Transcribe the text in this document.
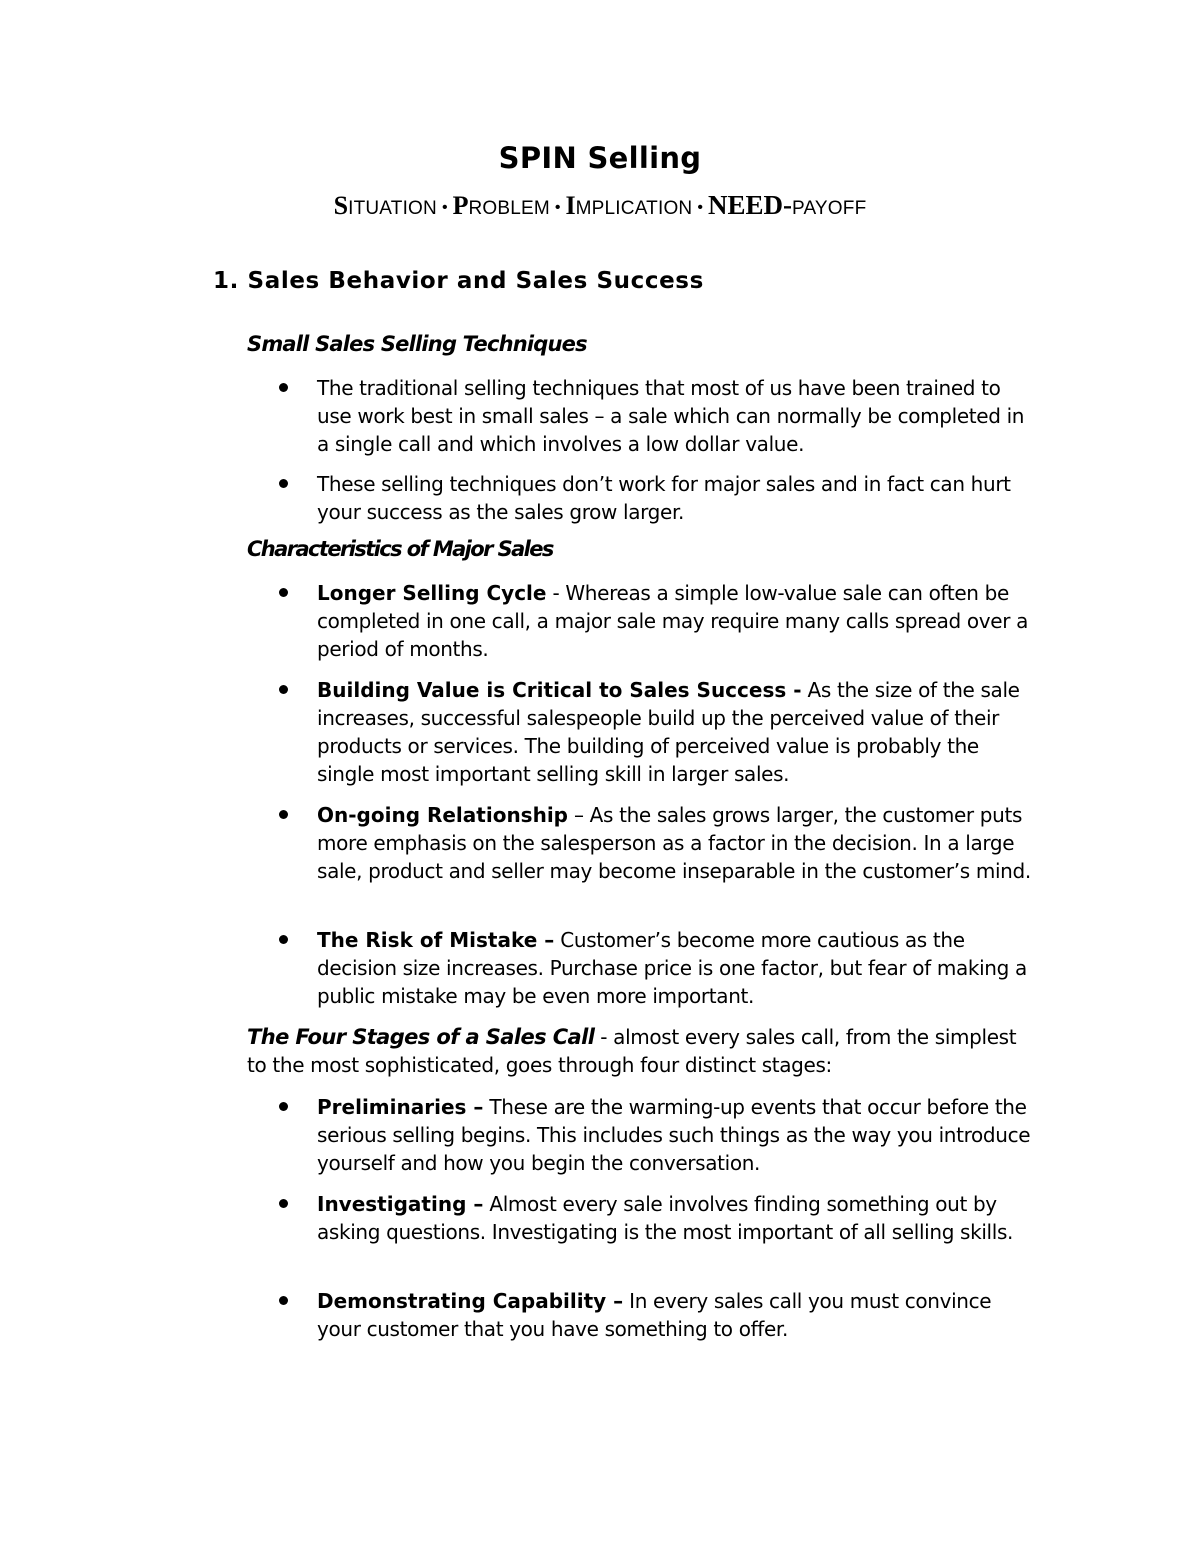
SPIN Selling
SITUATION • PROBLEM • IMPLICATION • NEED-PAYOFF
1. Sales Behavior and Sales Success
Small Sales Selling Techniques
The traditional selling techniques that most of us have been trained to use work best in small sales – a sale which can normally be completed in a single call and which involves a low dollar value.
These selling techniques don’t work for major sales and in fact can hurt your success as the sales grow larger.
Characteristics of Major Sales
Longer Selling Cycle - Whereas a simple low-value sale can often be completed in one call, a major sale may require many calls spread over a period of months.
Building Value is Critical to Sales Success - As the size of the sale increases, successful salespeople build up the perceived value of their products or services. The building of perceived value is probably the single most important selling skill in larger sales.
On-going Relationship – As the sales grows larger, the customer puts more emphasis on the salesperson as a factor in the decision. In a large sale, product and seller may become inseparable in the customer’s mind.
The Risk of Mistake – Customer’s become more cautious as the decision size increases. Purchase price is one factor, but fear of making a public mistake may be even more important.
The Four Stages of a Sales Call - almost every sales call, from the simplest to the most sophisticated, goes through four distinct stages:
Preliminaries – These are the warming-up events that occur before the serious selling begins. This includes such things as the way you introduce yourself and how you begin the conversation.
Investigating – Almost every sale involves finding something out by asking questions. Investigating is the most important of all selling skills.
Demonstrating Capability – In every sales call you must convince your customer that you have something to offer.
